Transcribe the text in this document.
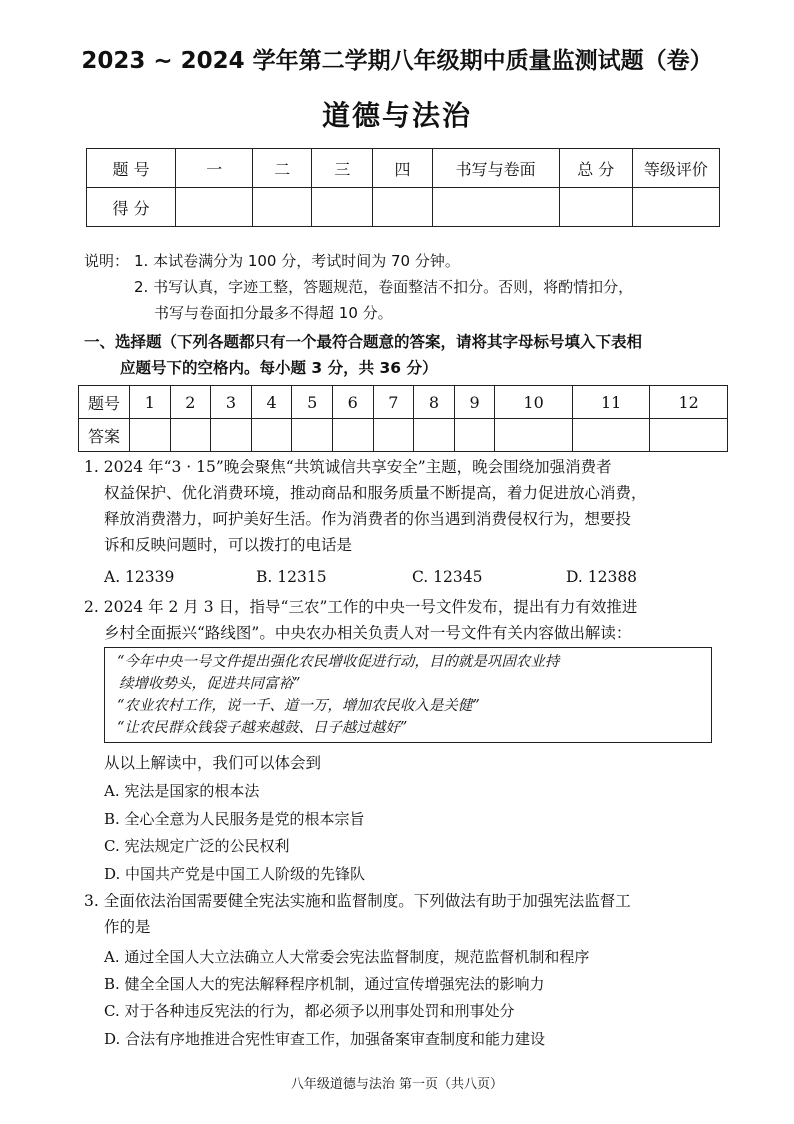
2023 ~ 2024 学年第二学期八年级期中质量监测试题（卷）
道德与法治
题 号	一	二	三	四	书写与卷面	总 分	等级评价
得 分							
说明： 1. 本试卷满分为 100 分，考试时间为 70 分钟。
2. 书写认真，字迹工整，答题规范，卷面整洁不扣分。否则，将酌情扣分，
书写与卷面扣分最多不得超 10 分。
一、选择题（下列各题都只有一个最符合题意的答案，请将其字母标号填入下表相
应题号下的空格内。每小题 3 分，共 36 分）
题号	1	2	3	4	5	6	7	8	9	10	11	12
答案												
1. 2024 年“3 · 15”晚会聚焦“共筑诚信共享安全”主题，晚会围绕加强消费者
权益保护、优化消费环境，推动商品和服务质量不断提高，着力促进放心消费，
释放消费潜力，呵护美好生活。作为消费者的你当遇到消费侵权行为，想要投
诉和反映问题时，可以拨打的电话是
A. 12339	B. 12315	C. 12345	D. 12388
2. 2024 年 2 月 3 日，指导“三农”工作的中央一号文件发布，提出有力有效推进
乡村全面振兴“路线图”。中央农办相关负责人对一号文件有关内容做出解读：
“今年中央一号文件提出强化农民增收促进行动，目的就是巩固农业持
续增收势头，促进共同富裕”
“农业农村工作，说一千、道一万，增加农民收入是关健”
“让农民群众钱袋子越来越鼓、日子越过越好”
从以上解读中，我们可以体会到
A. 宪法是国家的根本法
B. 全心全意为人民服务是党的根本宗旨
C. 宪法规定广泛的公民权利
D. 中国共产党是中国工人阶级的先锋队
3. 全面依法治国需要健全宪法实施和监督制度。下列做法有助于加强宪法监督工
作的是
A. 通过全国人大立法确立人大常委会宪法监督制度，规范监督机制和程序
B. 健全全国人大的宪法解释程序机制，通过宣传增强宪法的影响力
C. 对于各种违反宪法的行为，都必须予以刑事处罚和刑事处分
D. 合法有序地推进合宪性审查工作，加强备案审查制度和能力建设
八年级道德与法治 第一页（共八页）
